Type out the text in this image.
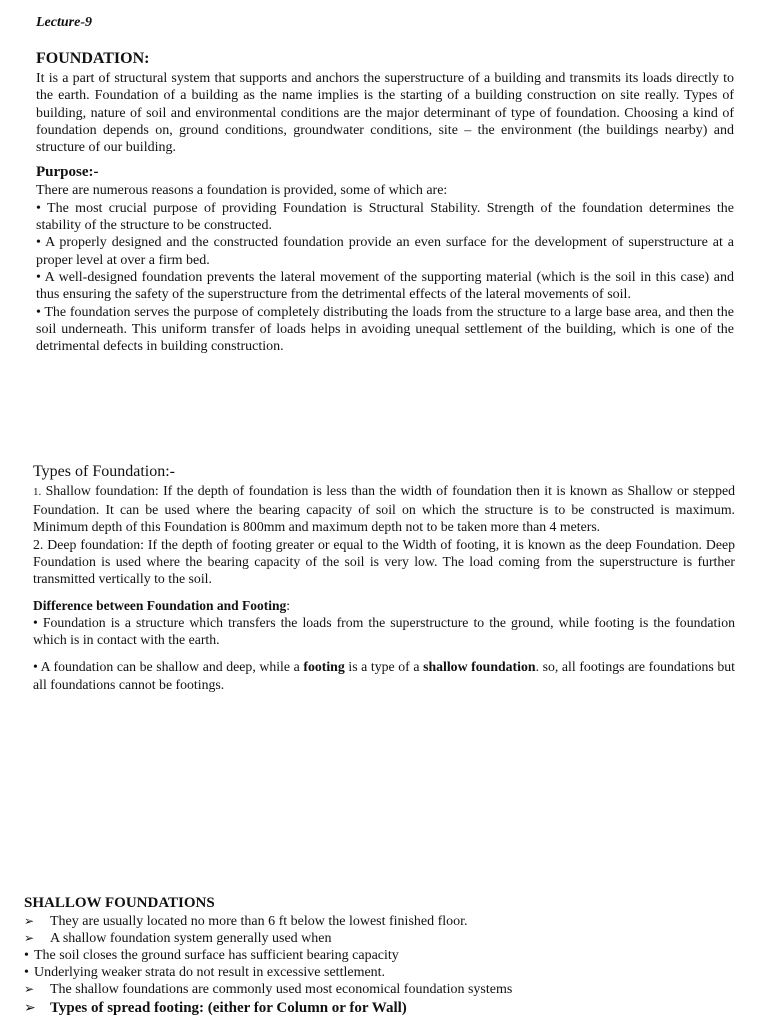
Lecture-9
FOUNDATION:

It is a part of structural system that supports and anchors the superstructure of a building and transmits its loads directly to the earth. Foundation of a building as the name implies is the starting of a building construction on site really. Types of building, nature of soil and environmental conditions are the major determinant of type of foundation. Choosing a kind of foundation depends on, ground conditions, groundwater conditions, site – the environment (the buildings nearby) and structure of our building.

Purpose:-

There are numerous reasons a foundation is provided, some of which are:

• The most crucial purpose of providing Foundation is Structural Stability. Strength of the foundation determines the stability of the structure to be constructed.

• A properly designed and the constructed foundation provide an even surface for the development of superstructure at a proper level at over a firm bed.

• A well-designed foundation prevents the lateral movement of the supporting material (which is the soil in this case) and thus ensuring the safety of the superstructure from the detrimental effects of the lateral movements of soil.

• The foundation serves the purpose of completely distributing the loads from the structure to a large base area, and then the soil underneath. This uniform transfer of loads helps in avoiding unequal settlement of the building, which is one of the detrimental defects in building construction.

Types of Foundation:-

1. Shallow foundation: If the depth of foundation is less than the width of foundation then it is known as Shallow or stepped Foundation. It can be used where the bearing capacity of soil on which the structure is to be constructed is maximum. Minimum depth of this Foundation is 800mm and maximum depth not to be taken more than 4 meters.

2. Deep foundation: If the depth of footing greater or equal to the Width of footing, it is known as the deep Foundation. Deep Foundation is used where the bearing capacity of the soil is very low. The load coming from the superstructure is further transmitted vertically to the soil.

Difference between Foundation and Footing:

• Foundation is a structure which transfers the loads from the superstructure to the ground, while footing is the foundation which is in contact with the earth.

• A foundation can be shallow and deep, while a footing is a type of a shallow foundation. so, all footings are foundations but all foundations cannot be footings.

SHALLOW FOUNDATIONS
➢	They are usually located no more than 6 ft below the lowest finished floor.
➢	A shallow foundation system generally used when
• The soil closes the ground surface has sufficient bearing capacity
• Underlying weaker strata do not result in excessive settlement.
➢	The shallow foundations are commonly used most economical foundation systems
➢ Types of spread footing: (either for Column or for Wall)
